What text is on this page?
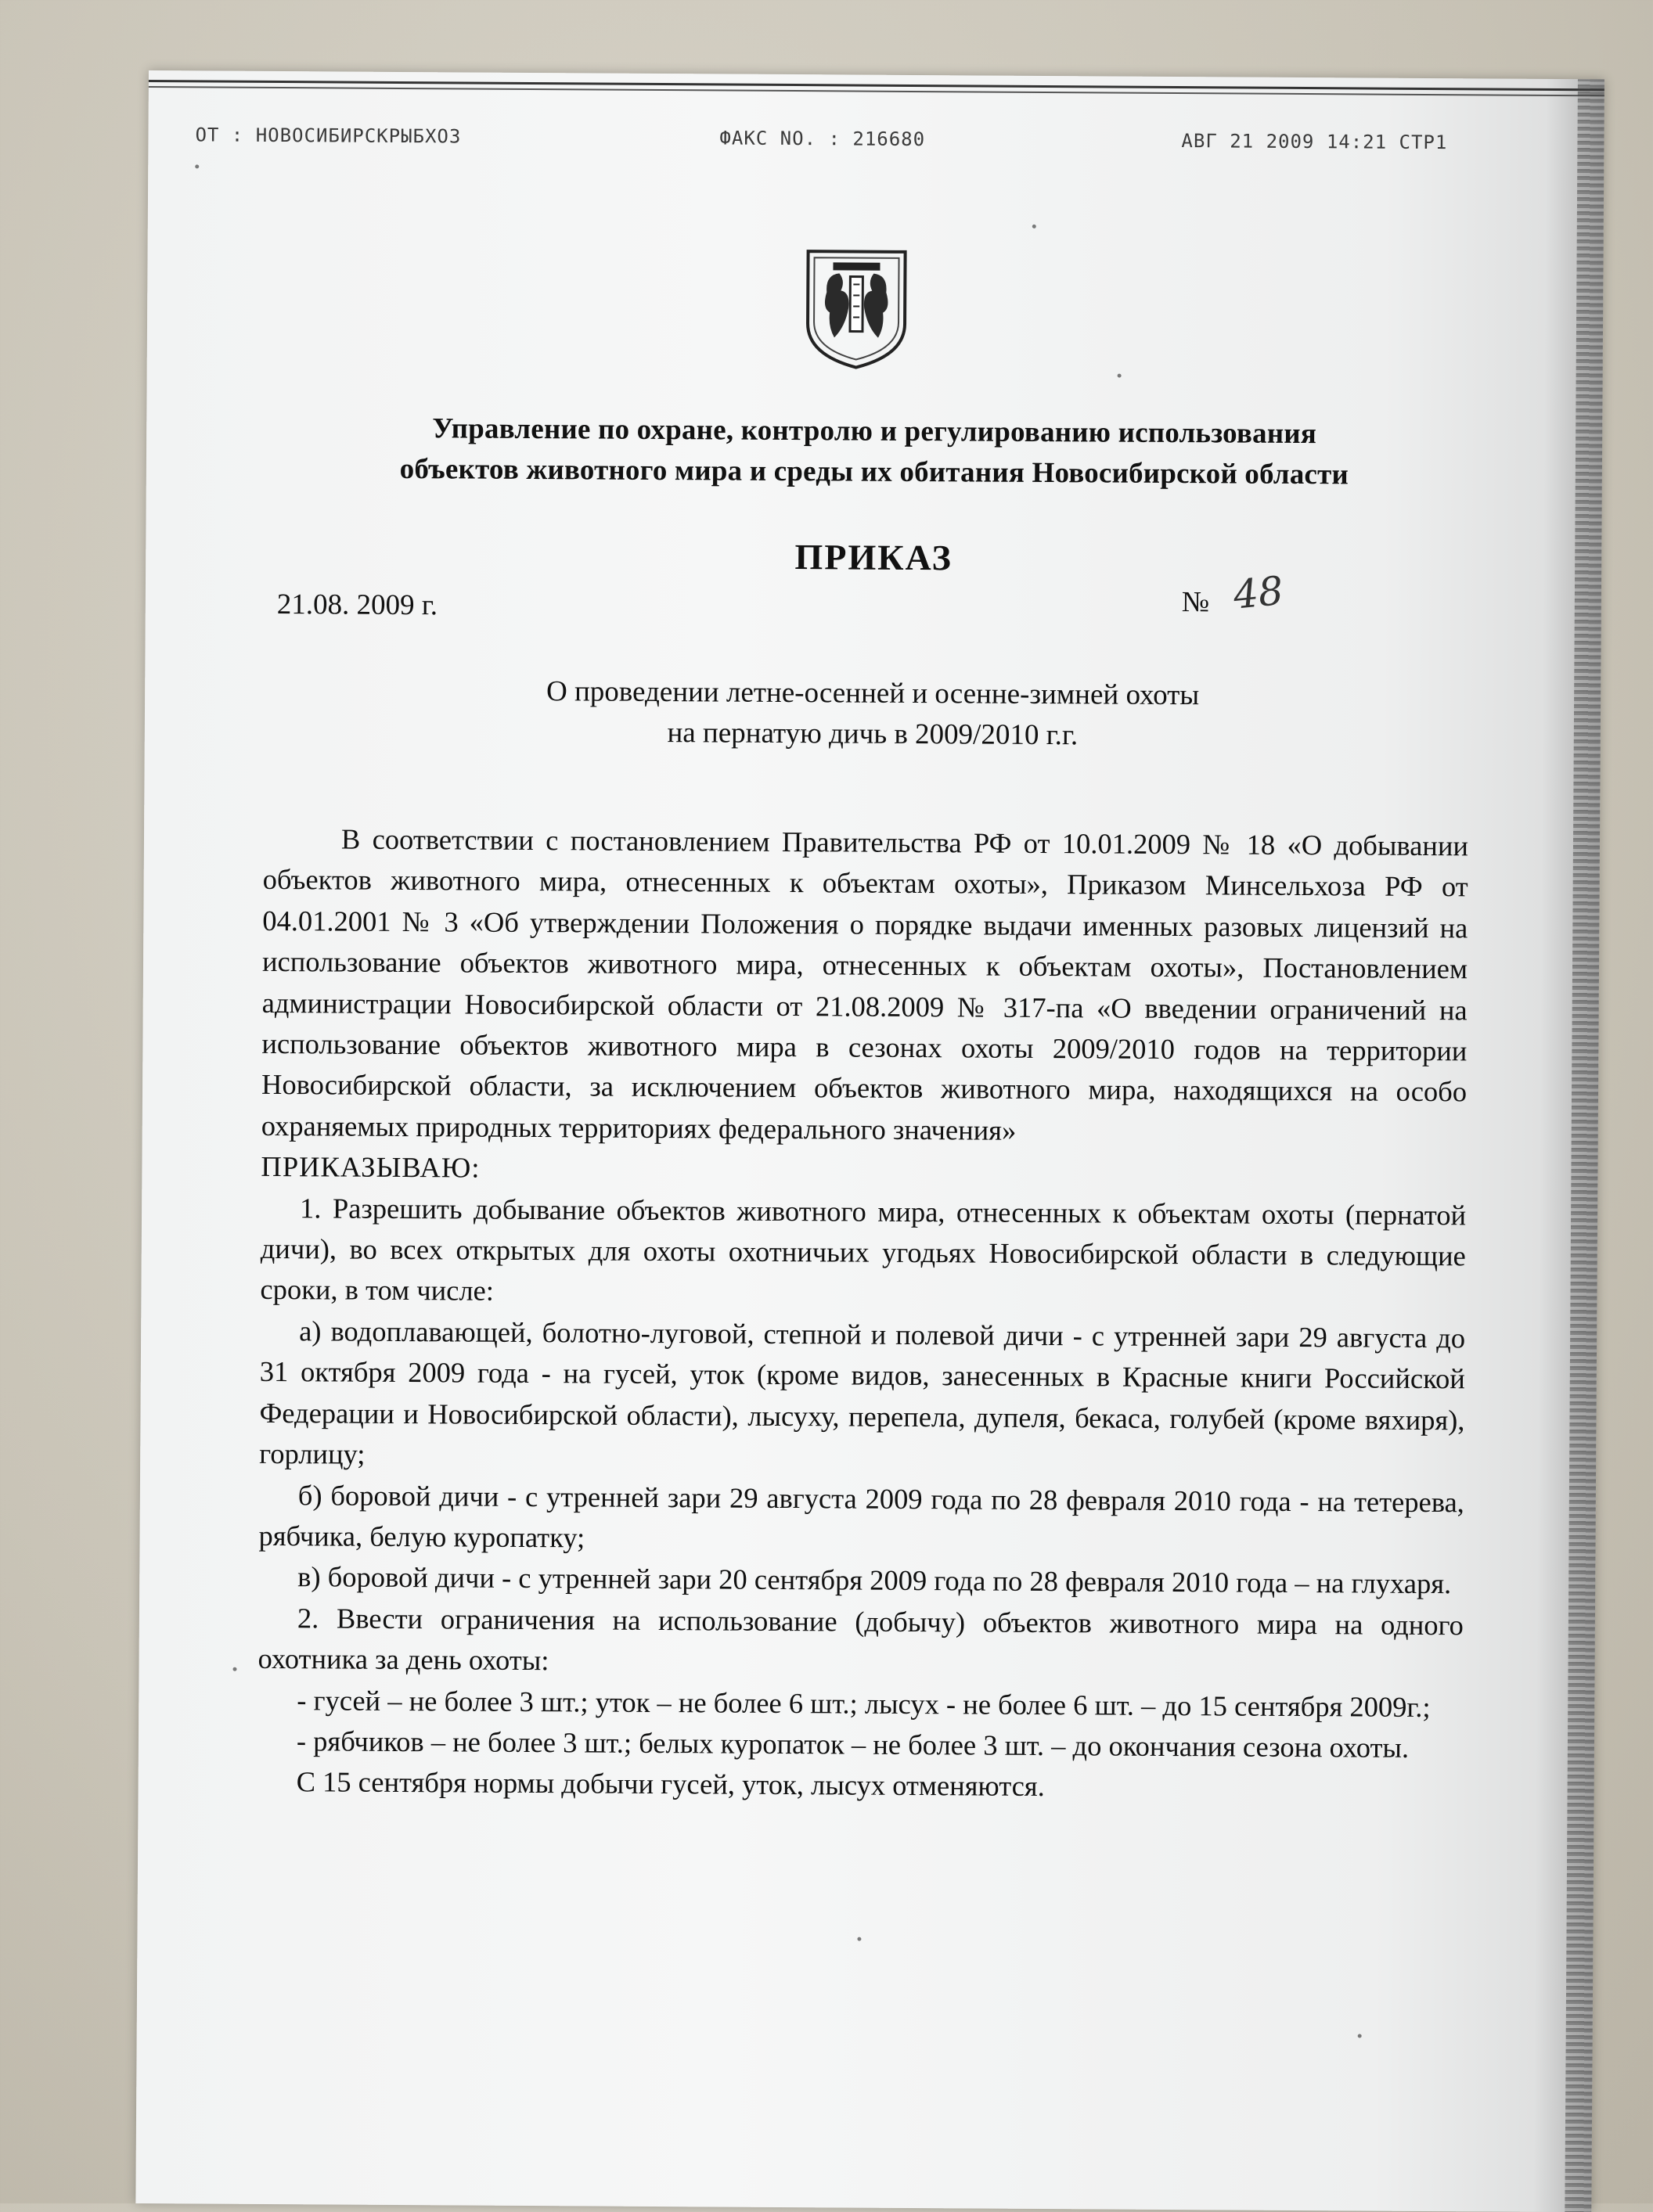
ОТ : НОВОСИБИРСКРЫБХОЗ	ФАКС NO. : 216680	АВГ 21 2009 14:21 СТР1
Управление по охране, контролю и регулированию использования
объектов животного мира и среды их обитания Новосибирской области
ПРИКАЗ
21.08. 2009 г.	№ 48
О проведении летне-осенней и осенне-зимней охоты
на пернатую дичь в 2009/2010 г.г.

В соответствии с постановлением Правительства РФ от 10.01.2009 № 18 «О добывании объектов животного мира, отнесенных к объектам охоты», Приказом Минсельхоза РФ от 04.01.2001 № 3 «Об утверждении Положения о порядке выдачи именных разовых лицензий на использование объектов животного мира, отнесенных к объектам охоты», Постановлением администрации Новосибирской области от 21.08.2009 № 317-па «О введении ограничений на использование объектов животного мира в сезонах охоты 2009/2010 годов на территории Новосибирской области, за исключением объектов животного мира, находящихся на особо охраняемых природных территориях федерального значения»

ПРИКАЗЫВАЮ:

1. Разрешить добывание объектов животного мира, отнесенных к объектам охоты (пернатой дичи), во всех открытых для охоты охотничьих угодьях Новосибирской области в следующие сроки, в том числе:

а) водоплавающей, болотно-луговой, степной и полевой дичи - с утренней зари 29 августа до 31 октября 2009 года - на гусей, уток (кроме видов, занесенных в Красные книги Российской Федерации и Новосибирской области), лысуху, перепела, дупеля, бекаса, голубей (кроме вяхиря), горлицу;

б) боровой дичи - с утренней зари 29 августа 2009 года по 28 февраля 2010 года - на тетерева, рябчика, белую куропатку;

в) боровой дичи - с утренней зари 20 сентября 2009 года по 28 февраля 2010 года – на глухаря.

2. Ввести ограничения на использование (добычу) объектов животного мира на одного охотника за день охоты:

- гусей – не более 3 шт.; уток – не более 6 шт.; лысух - не более 6 шт. – до 15 сентября 2009г.;

- рябчиков – не более 3 шт.; белых куропаток – не более 3 шт. – до окончания сезона охоты.

С 15 сентября нормы добычи гусей, уток, лысух отменяются.
